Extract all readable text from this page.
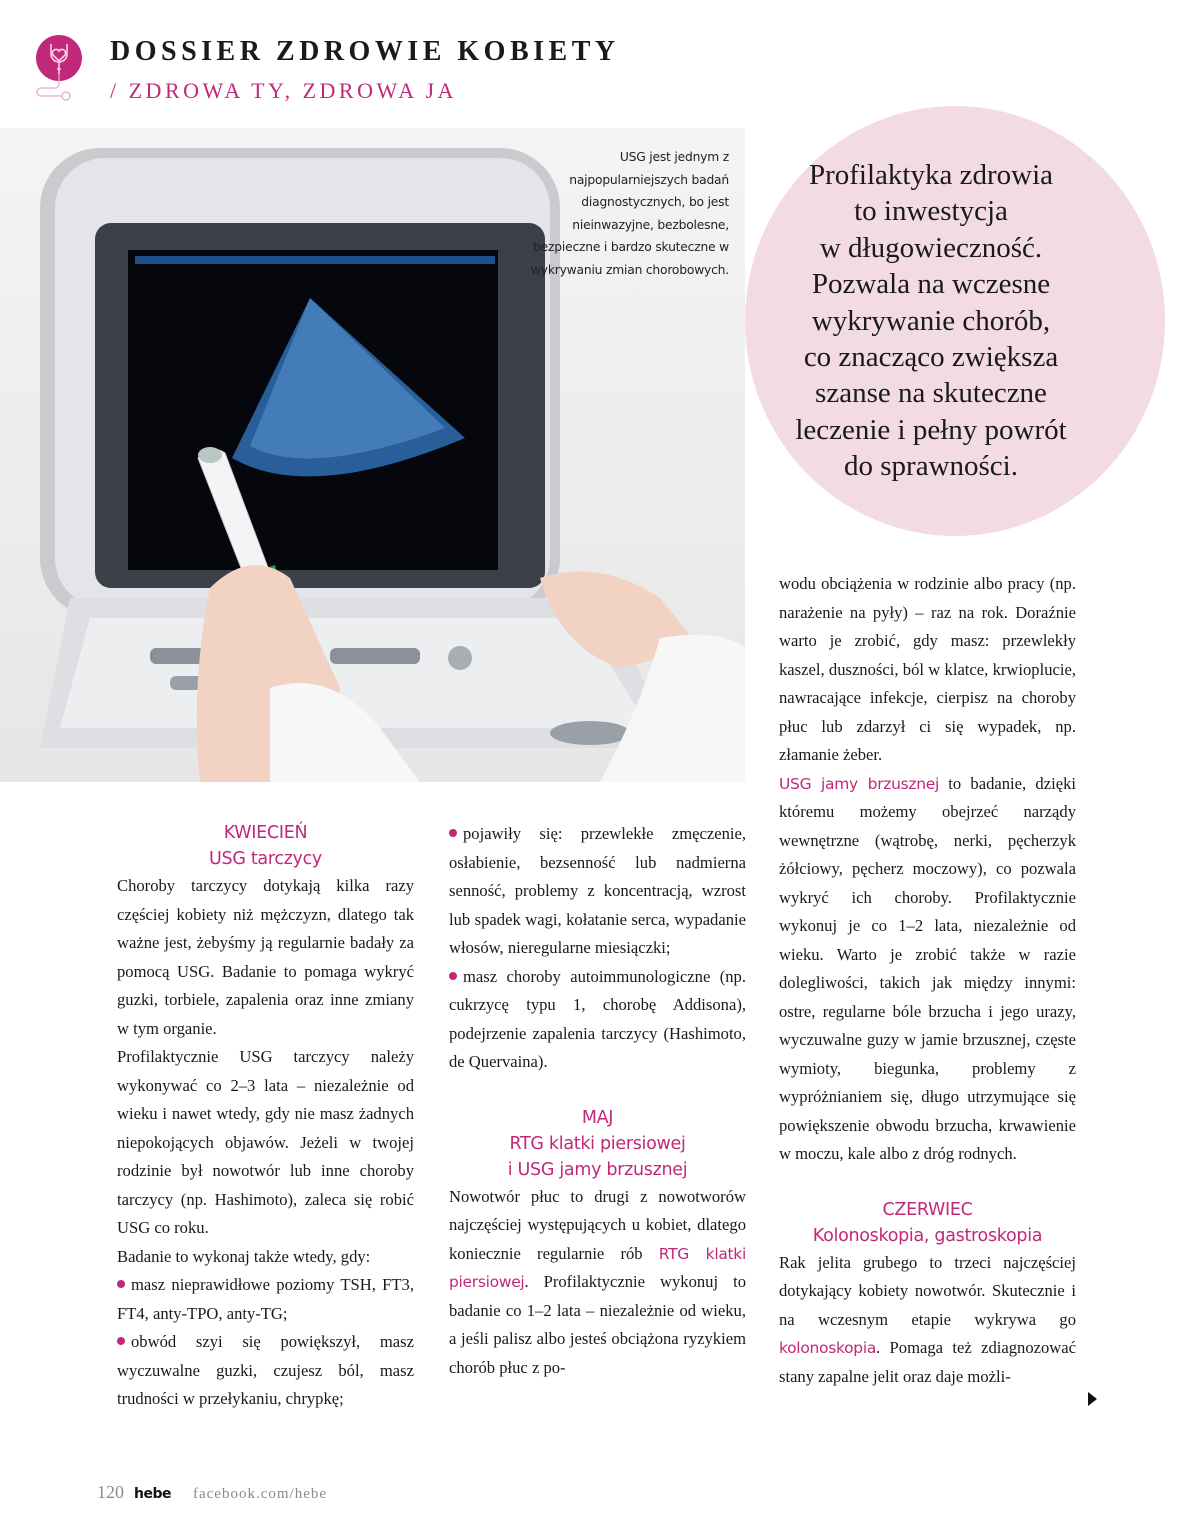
DOSSIER ZDROWIE KOBIETY
/ ZDROWA TY, ZDROWA JA
USG jest jednym z najpopularniejszych badań diagnostycznych, bo jest nieinwazyjne, bezbolesne, bezpieczne i bardzo skuteczne w wykrywaniu zmian chorobowych.
Profilaktyka zdrowia
to inwestycja
w długowieczność.
Pozwala na wczesne
wykrywanie chorób,
co znacząco zwiększa
szanse na skuteczne
leczenie i pełny powrót
do sprawności.
KWIECIEŃ
USG tarczycy

Choroby tarczycy dotykają kilka razy częściej kobiety niż mężczyzn, dlatego tak ważne jest, żebyśmy ją regularnie badały za pomocą USG. Badanie to pomaga wykryć guzki, torbiele, zapalenia oraz inne zmiany w tym organie.

Profilaktycznie USG tarczycy należy wykonywać co 2–3 lata – niezależnie od wieku i nawet wtedy, gdy nie masz żadnych niepokojących objawów. Jeżeli w twojej rodzinie był nowotwór lub inne choroby tarczycy (np. Hashimoto), zaleca się robić USG co roku.

Badanie to wykonaj także wtedy, gdy:

masz nieprawidłowe poziomy TSH, FT3, FT4, anty-TPO, anty-TG;

obwód szyi się powiększył, masz wyczuwalne guzki, czujesz ból, masz trudności w przełykaniu, chrypkę;

pojawiły się: przewlekłe zmęczenie, osłabienie, bezsenność lub nadmierna senność, problemy z koncentracją, wzrost lub spadek wagi, kołatanie serca, wypadanie włosów, nieregularne miesiączki;

masz choroby autoimmunologiczne (np. cukrzycę typu 1, chorobę Addisona), podejrzenie zapalenia tarczycy (Hashimoto, de Quervaina).

MAJ
RTG klatki piersiowej
i USG jamy brzusznej

Nowotwór płuc to drugi z nowotworów najczęściej występujących u kobiet, dlatego koniecznie regularnie rób RTG klatki piersiowej. Profilaktycznie wykonuj to badanie co 1–2 lata – niezależnie od wieku, a jeśli palisz albo jesteś obciążona ryzykiem chorób płuc z po-

wodu obciążenia w rodzinie albo pracy (np. narażenie na pyły) – raz na rok. Doraźnie warto je zrobić, gdy masz: przewlekły kaszel, duszności, ból w klatce, krwioplucie, nawracające infekcje, cierpisz na choroby płuc lub zdarzył ci się wypadek, np. złamanie żeber.

USG jamy brzusznej to badanie, dzięki któremu możemy obejrzeć narządy wewnętrzne (wątrobę, nerki, pęcherzyk żółciowy, pęcherz moczowy), co pozwala wykryć ich choroby. Profilaktycznie wykonuj je co 1–2 lata, niezależnie od wieku. Warto je zrobić także w razie dolegliwości, takich jak między innymi: ostre, regularne bóle brzucha i jego urazy, wyczuwalne guzy w jamie brzusznej, częste wymioty, biegunka, problemy z wypróżnianiem się, długo utrzymujące się powiększenie obwodu brzucha, krwawienie w moczu, kale albo z dróg rodnych.

CZERWIEC
Kolonoskopia, gastroskopia

Rak jelita grubego to trzeci najczęściej dotykający kobiety nowotwór. Skutecznie i na wczesnym etapie wykrywa go kolonoskopia. Pomaga też zdiagnozować stany zapalne jelit oraz daje możli-

120 hebe facebook.com/hebe
